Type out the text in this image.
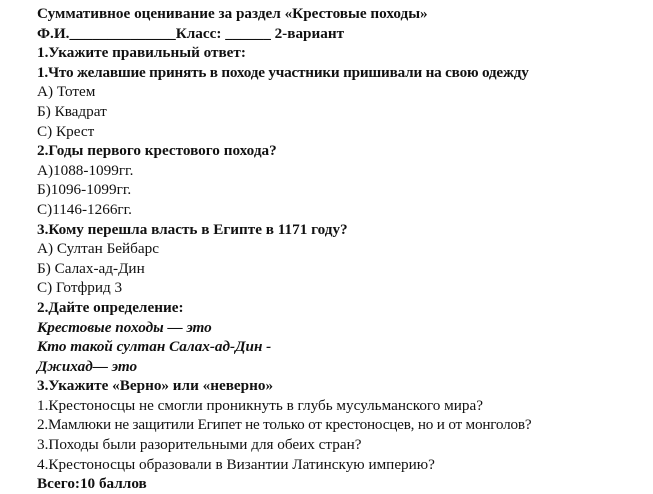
Суммативное оценивание за раздел «Крестовые походы»
Ф.И.______________Класс: ______ 2-вариант
1.Укажите правильный ответ:
1.Что желавшие принять в походе участники пришивали на свою одежду
А) Тотем
Б) Квадрат
С) Крест
2.Годы первого крестового похода?
А)1088-1099гг.
Б)1096-1099гг.
С)1146-1266гг.
3.Кому перешла власть в Египте в 1171 году?
А) Султан Бейбарс
Б) Салах-ад-Дин
С) Готфрид 3
2.Дайте определение:
Крестовые походы — это
Кто такой султан Салах-ад-Дин -
Джихад— это
3.Укажите «Верно» или «неверно»
1.Крестоносцы не смогли проникнуть в глубь мусульманского мира?
2.Мамлюки не защитили Египет не только от крестоносцев, но и от монголов?
3.Походы были разорительными для обеих стран?
4.Крестоносцы образовали в Византии Латинскую империю?
Всего:10 баллов
